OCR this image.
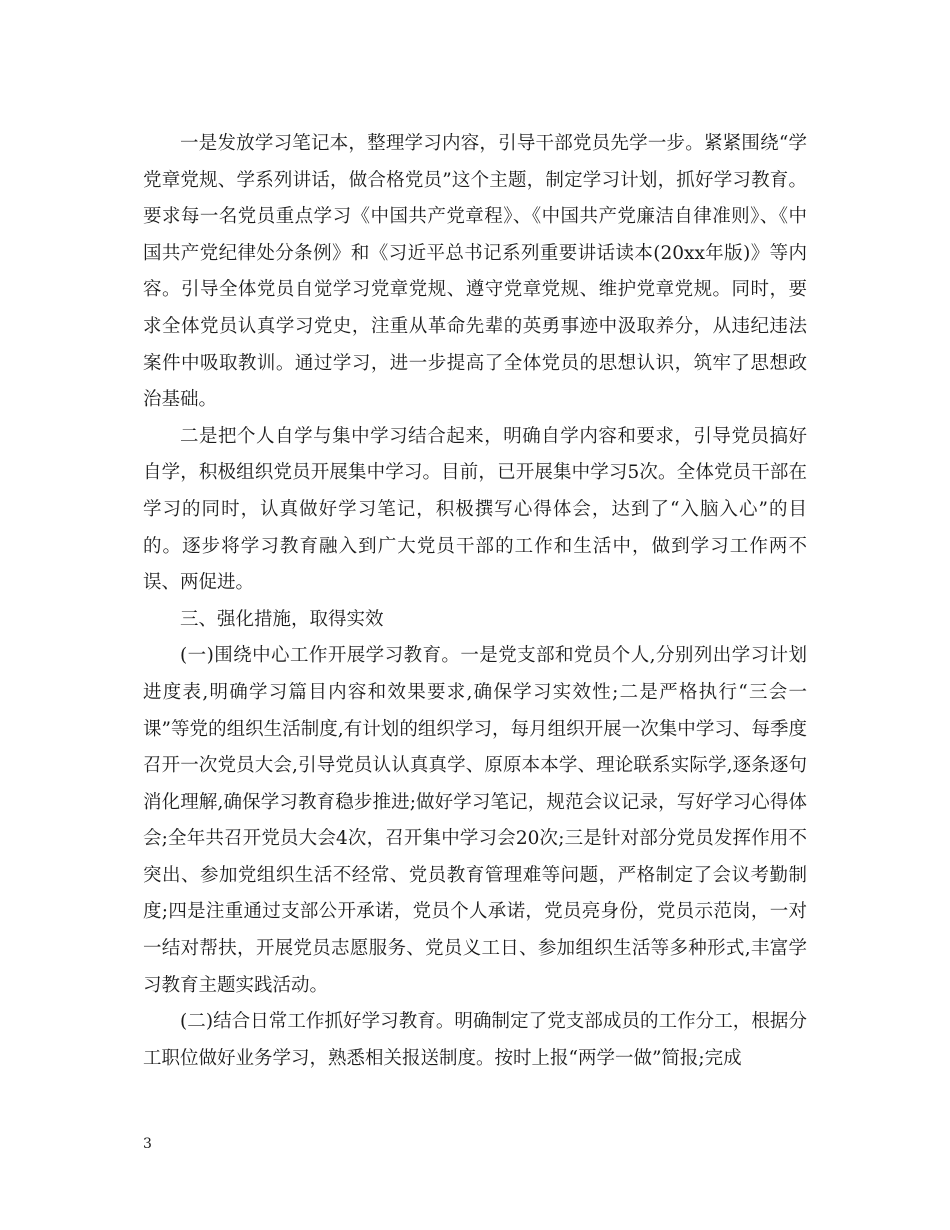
一是发放学习笔记本，整理学习内容，引导干部党员先学一步。紧紧围绕“学党章党规、学系列讲话，做合格党员”这个主题，制定学习计划，抓好学习教育。要求每一名党员重点学习《中国共产党章程》、《中国共产党廉洁自律准则》、《中国共产党纪律处分条例》和《习近平总书记系列重要讲话读本(20xx年版)》等内容。引导全体党员自觉学习党章党规、遵守党章党规、维护党章党规。同时，要求全体党员认真学习党史，注重从革命先辈的英勇事迹中汲取养分，从违纪违法案件中吸取教训。通过学习，进一步提高了全体党员的思想认识，筑牢了思想政治基础。

二是把个人自学与集中学习结合起来，明确自学内容和要求，引导党员搞好自学，积极组织党员开展集中学习。目前，已开展集中学习5次。全体党员干部在学习的同时，认真做好学习笔记，积极撰写心得体会，达到了“入脑入心”的目的。逐步将学习教育融入到广大党员干部的工作和生活中，做到学习工作两不误、两促进。

三、强化措施，取得实效

(一)围绕中心工作开展学习教育。一是党支部和党员个人,分别列出学习计划进度表,明确学习篇目内容和效果要求,确保学习实效性;二是严格执行“三会一课”等党的组织生活制度,有计划的组织学习，每月组织开展一次集中学习、每季度召开一次党员大会,引导党员认认真真学、原原本本学、理论联系实际学,逐条逐句消化理解,确保学习教育稳步推进;做好学习笔记，规范会议记录，写好学习心得体会;全年共召开党员大会4次，召开集中学习会20次;三是针对部分党员发挥作用不突出、参加党组织生活不经常、党员教育管理难等问题，严格制定了会议考勤制度;四是注重通过支部公开承诺，党员个人承诺，党员亮身份，党员示范岗，一对一结对帮扶，开展党员志愿服务、党员义工日、参加组织生活等多种形式,丰富学习教育主题实践活动。

(二)结合日常工作抓好学习教育。明确制定了党支部成员的工作分工，根据分工职位做好业务学习，熟悉相关报送制度。按时上报“两学一做”简报;完成

3
